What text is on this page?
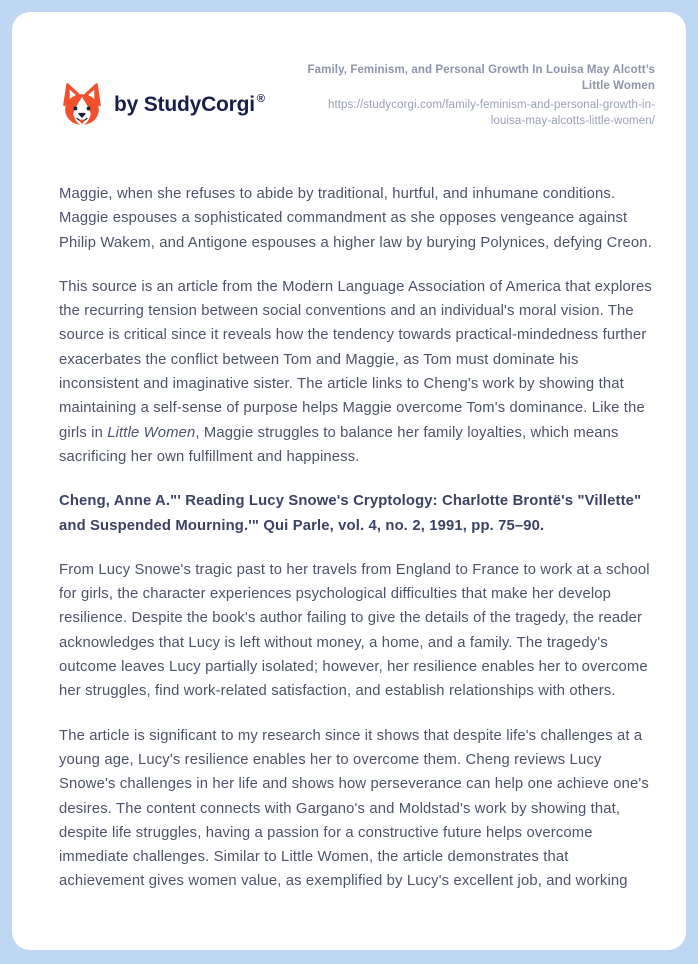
by StudyCorgi ®
Family, Feminism, and Personal Growth In Louisa May Alcott’s Little Women
https://studycorgi.com/family-feminism-and-personal-growth-in-louisa-may-alcotts-little-women/

Maggie, when she refuses to abide by traditional, hurtful, and inhumane conditions. Maggie espouses a sophisticated commandment as she opposes vengeance against Philip Wakem, and Antigone espouses a higher law by burying Polynices, defying Creon.

This source is an article from the Modern Language Association of America that explores the recurring tension between social conventions and an individual's moral vision. The source is critical since it reveals how the tendency towards practical-mindedness further exacerbates the conflict between Tom and Maggie, as Tom must dominate his inconsistent and imaginative sister. The article links to Cheng's work by showing that maintaining a self-sense of purpose helps Maggie overcome Tom's dominance. Like the girls in Little Women, Maggie struggles to balance her family loyalties, which means sacrificing her own fulfillment and happiness.

Cheng, Anne A."' Reading Lucy Snowe's Cryptology: Charlotte Brontë's "Villette" and Suspended Mourning.'" Qui Parle, vol. 4, no. 2, 1991, pp. 75–90.

From Lucy Snowe's tragic past to her travels from England to France to work at a school for girls, the character experiences psychological difficulties that make her develop resilience. Despite the book's author failing to give the details of the tragedy, the reader acknowledges that Lucy is left without money, a home, and a family. The tragedy's outcome leaves Lucy partially isolated; however, her resilience enables her to overcome her struggles, find work-related satisfaction, and establish relationships with others.

The article is significant to my research since it shows that despite life's challenges at a young age, Lucy's resilience enables her to overcome them. Cheng reviews Lucy Snowe's challenges in her life and shows how perseverance can help one achieve one's desires. The content connects with Gargano's and Moldstad's work by showing that, despite life struggles, having a passion for a constructive future helps overcome immediate challenges. Similar to Little Women, the article demonstrates that achievement gives women value, as exemplified by Lucy's excellent job, and working
